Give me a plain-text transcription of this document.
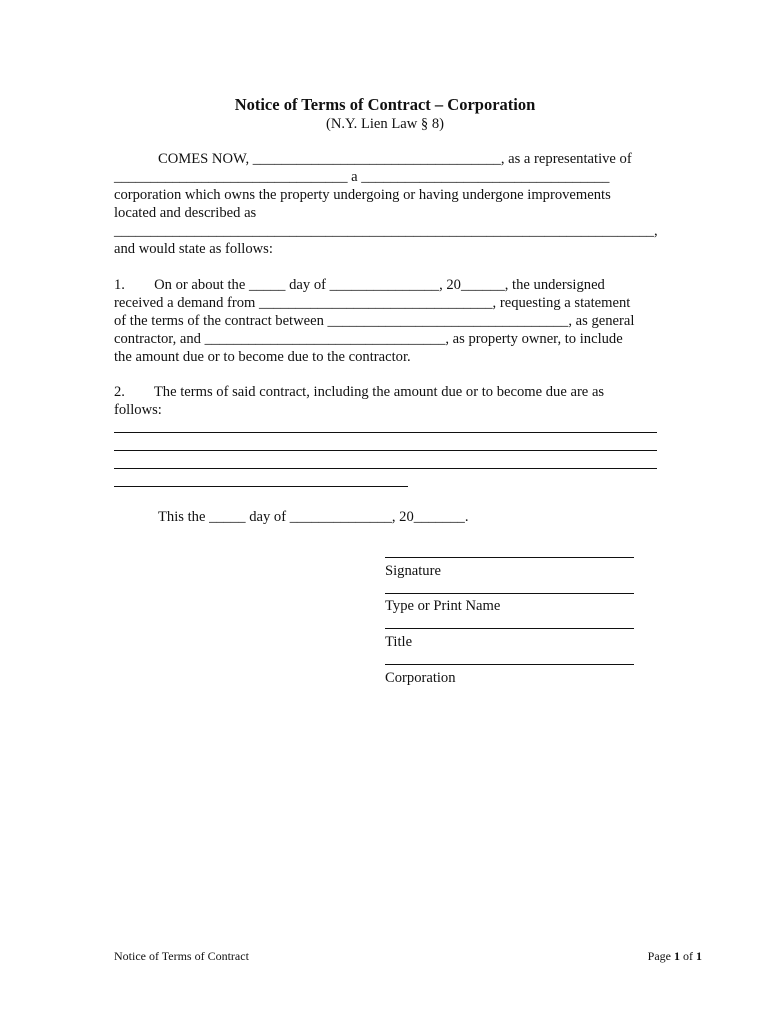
Notice of Terms of Contract – Corporation
(N.Y. Lien Law § 8)
COMES NOW, __________________________________, as a representative of
________________________________ a __________________________________
corporation which owns the property undergoing or having undergone improvements
located and described as
__________________________________________________________________________,
and would state as follows:
1.        On or about the _____ day of _______________, 20______, the undersigned
received a demand from ________________________________, requesting a statement
of the terms of the contract between _________________________________, as general
contractor, and _________________________________, as property owner, to include
the amount due or to become due to the contractor.
2.        The terms of said contract, including the amount due or to become due are as
follows:
This the _____ day of ______________, 20_______.
Signature
Type or Print Name
Title
Corporation
Notice of Terms of Contract	Page 1 of 1
